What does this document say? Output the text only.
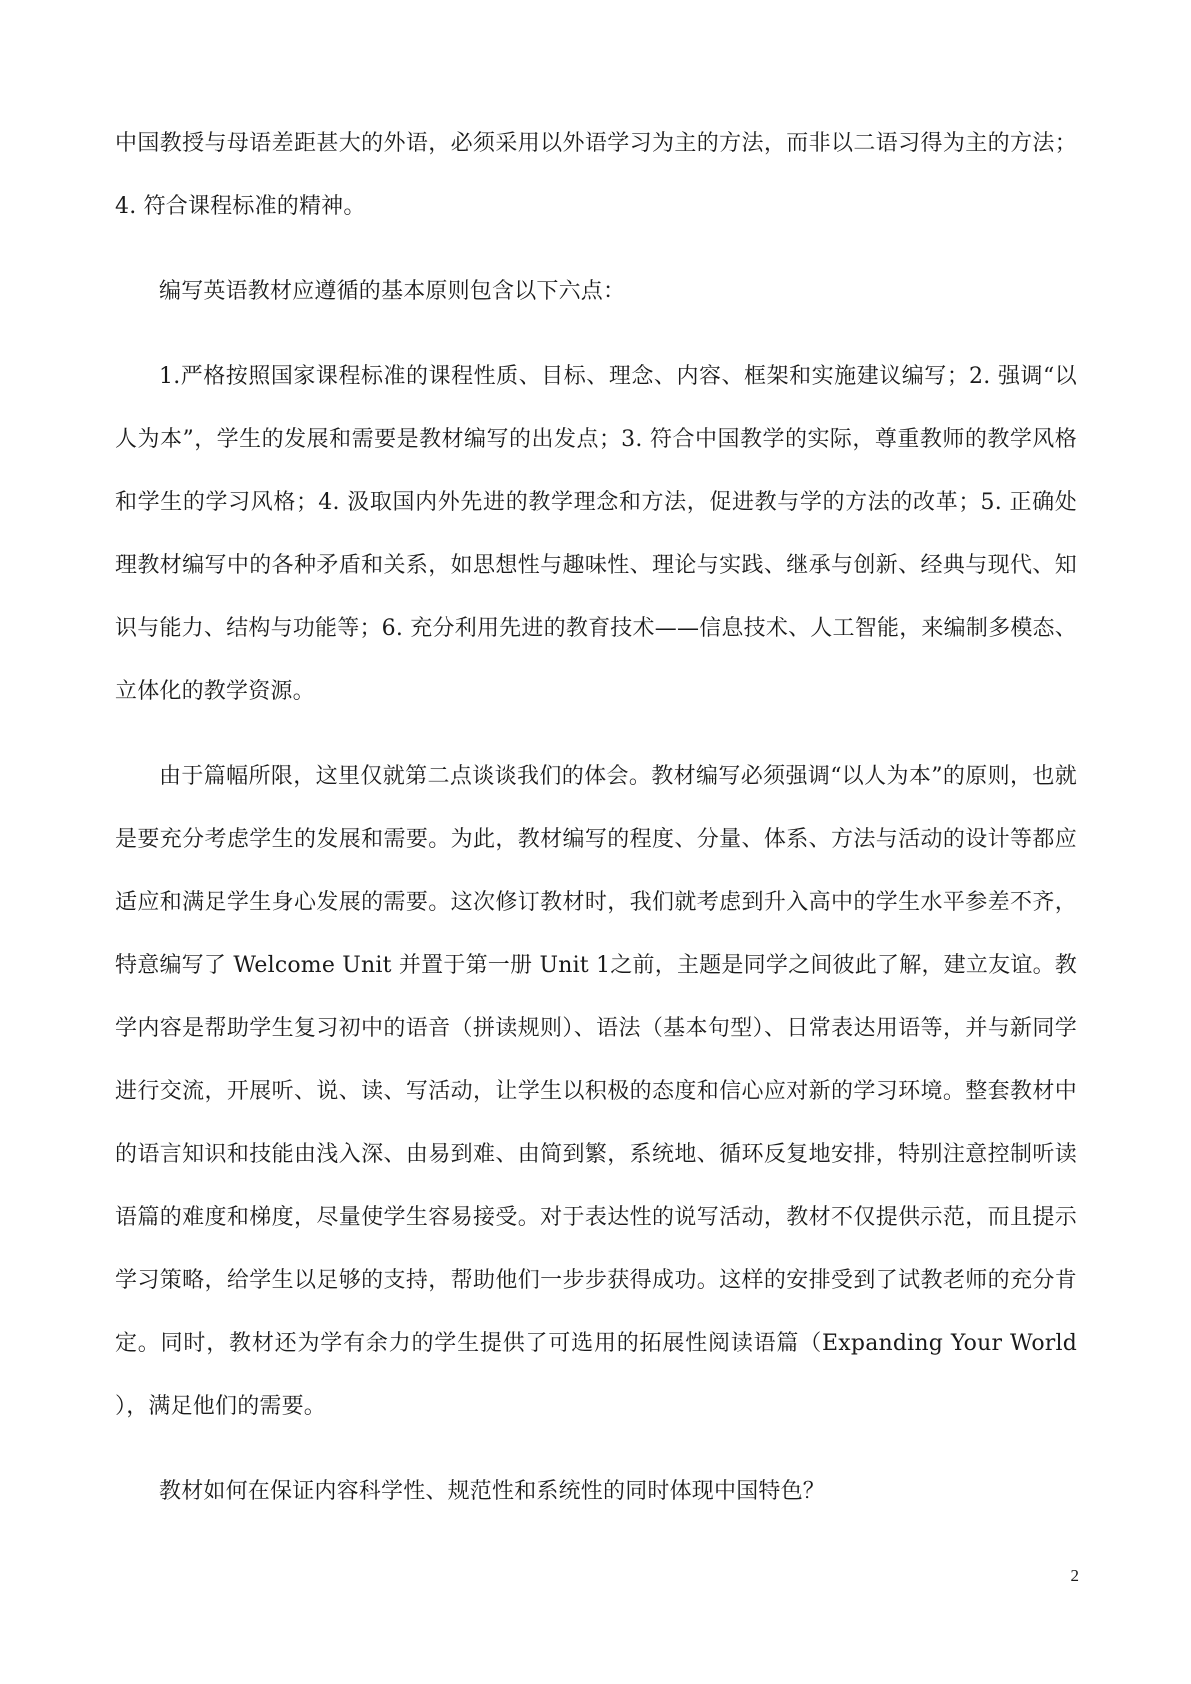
中国教授与母语差距甚大的外语，必须采用以外语学习为主的方法，而非以二语习得为主的方法；4. 符合课程标准的精神。

编写英语教材应遵循的基本原则包含以下六点：

1.严格按照国家课程标准的课程性质、目标、理念、内容、框架和实施建议编写；2. 强调“以人为本”，学生的发展和需要是教材编写的出发点；3. 符合中国教学的实际，尊重教师的教学风格和学生的学习风格；4. 汲取国内外先进的教学理念和方法，促进教与学的方法的改革；5. 正确处理教材编写中的各种矛盾和关系，如思想性与趣味性、理论与实践、继承与创新、经典与现代、知识与能力、结构与功能等；6. 充分利用先进的教育技术——信息技术、人工智能，来编制多模态、立体化的教学资源。

由于篇幅所限，这里仅就第二点谈谈我们的体会。教材编写必须强调“以人为本”的原则，也就是要充分考虑学生的发展和需要。为此，教材编写的程度、分量、体系、方法与活动的设计等都应适应和满足学生身心发展的需要。这次修订教材时，我们就考虑到升入高中的学生水平参差不齐，特意编写了 Welcome Unit 并置于第一册 Unit 1之前，主题是同学之间彼此了解，建立友谊。教学内容是帮助学生复习初中的语音（拼读规则）、语法（基本句型）、日常表达用语等，并与新同学进行交流，开展听、说、读、写活动，让学生以积极的态度和信心应对新的学习环境。整套教材中的语言知识和技能由浅入深、由易到难、由简到繁，系统地、循环反复地安排，特别注意控制听读语篇的难度和梯度，尽量使学生容易接受。对于表达性的说写活动，教材不仅提供示范，而且提示学习策略，给学生以足够的支持，帮助他们一步步获得成功。这样的安排受到了试教老师的充分肯定。同时，教材还为学有余力的学生提供了可选用的拓展性阅读语篇（Expanding Your World ），满足他们的需要。

教材如何在保证内容科学性、规范性和系统性的同时体现中国特色？

2
